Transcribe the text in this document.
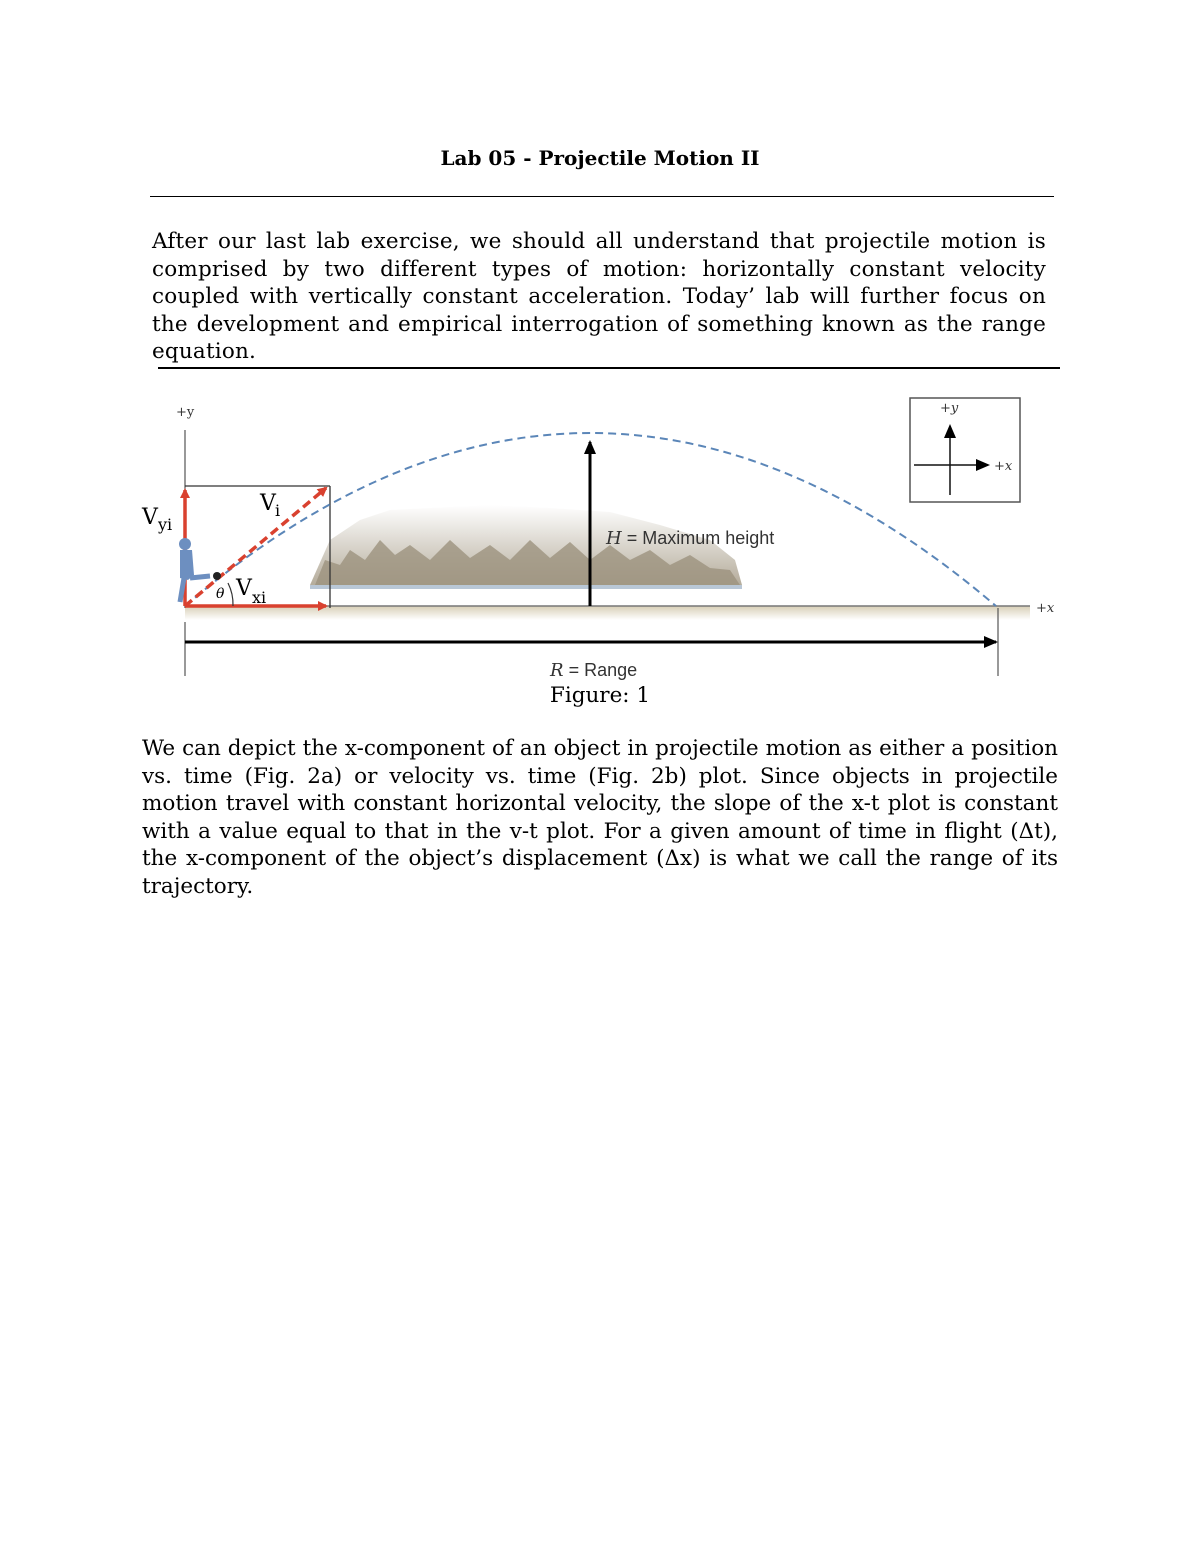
Lab 05 - Projectile Motion II
After our last lab exercise, we should all understand that projectile motion is comprised by two different types of motion: horizontally constant velocity coupled with vertically constant acceleration. Today’ lab will further focus on the development and empirical interrogation of something known as the range equation.
+y
+x
θ
V yi
V i
V xi
H = Maximum height
R = Range
+y
+x
Figure: 1
We can depict the x-component of an object in projectile motion as either a position vs. time (Fig. 2a) or velocity vs. time (Fig. 2b) plot. Since objects in projectile motion travel with constant horizontal velocity, the slope of the x-t plot is constant with a value equal to that in the v-t plot. For a given amount of time in flight (Δt), the x-component of the object’s displacement (Δx) is what we call the range of its trajectory.
